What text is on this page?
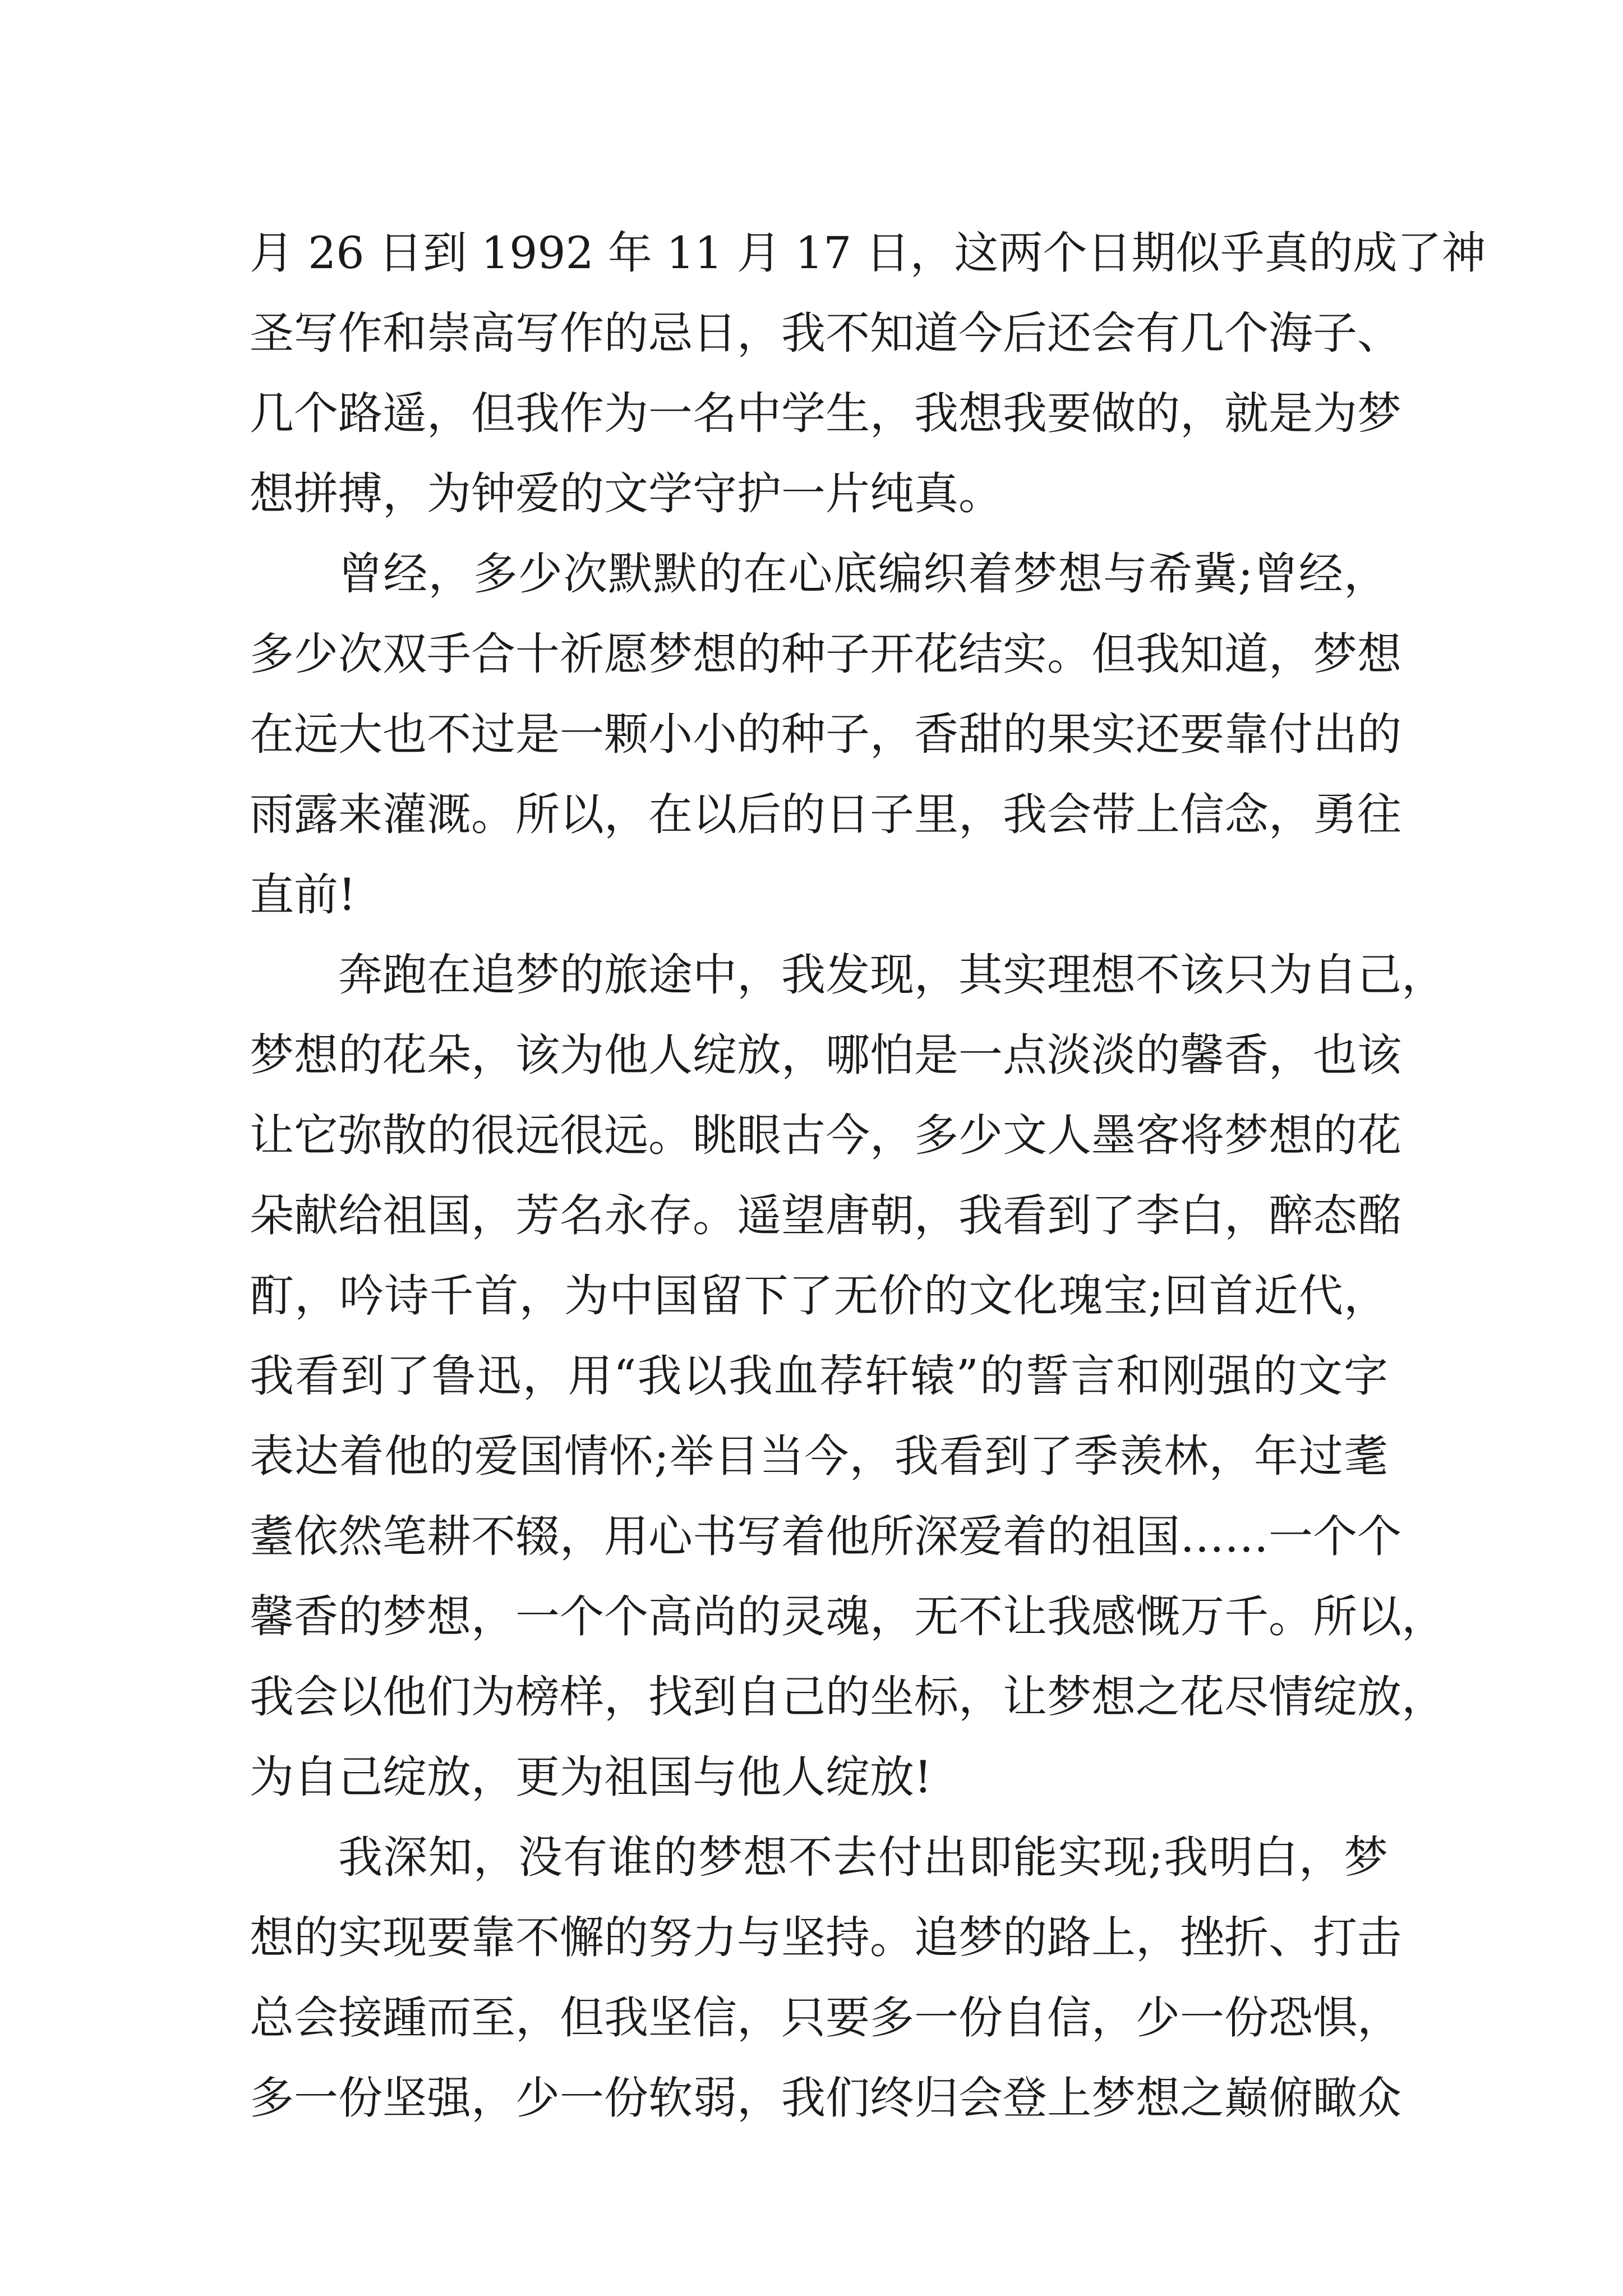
月 26 日到 1992 年 11 月 17 日，这两个日期似乎真的成了神
圣写作和崇高写作的忌日，我不知道今后还会有几个海子、
几个路遥，但我作为一名中学生，我想我要做的，就是为梦
想拼搏，为钟爱的文学守护一片纯真。
曾经，多少次默默的在心底编织着梦想与希冀;曾经，
多少次双手合十祈愿梦想的种子开花结实。但我知道，梦想
在远大也不过是一颗小小的种子，香甜的果实还要靠付出的
雨露来灌溉。所以，在以后的日子里，我会带上信念，勇往
直前!
奔跑在追梦的旅途中，我发现，其实理想不该只为自己，
梦想的花朵，该为他人绽放，哪怕是一点淡淡的馨香，也该
让它弥散的很远很远。眺眼古今，多少文人墨客将梦想的花
朵献给祖国，芳名永存。遥望唐朝，我看到了李白，醉态酩
酊，吟诗千首，为中国留下了无价的文化瑰宝;回首近代，
我看到了鲁迅，用“我以我血荐轩辕”的誓言和刚强的文字
表达着他的爱国情怀;举目当今，我看到了季羡林，年过耄
耋依然笔耕不辍，用心书写着他所深爱着的祖国……一个个
馨香的梦想，一个个高尚的灵魂，无不让我感慨万千。所以，
我会以他们为榜样，找到自己的坐标，让梦想之花尽情绽放，
为自己绽放，更为祖国与他人绽放!
我深知，没有谁的梦想不去付出即能实现;我明白，梦
想的实现要靠不懈的努力与坚持。追梦的路上，挫折、打击
总会接踵而至，但我坚信，只要多一份自信，少一份恐惧，
多一份坚强，少一份软弱，我们终归会登上梦想之巅俯瞰众
